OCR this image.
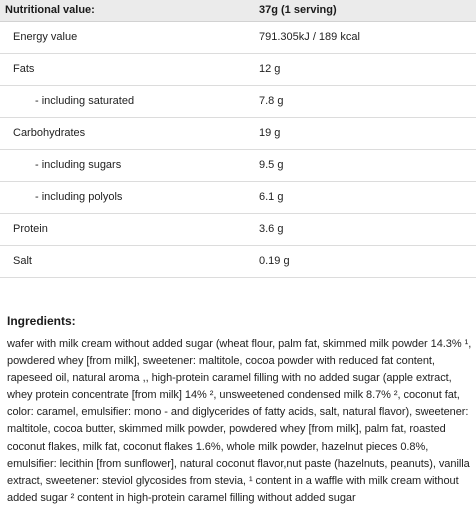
Nutritional value:	37g (1 serving)
Energy value	791.305kJ / 189 kcal
Fats	12 g
- including saturated	7.8 g
Carbohydrates	19 g
- including sugars	9.5 g
- including polyols	6.1 g
Protein	3.6 g
Salt	0.19 g
Ingredients:

wafer with milk cream without added sugar (wheat flour, palm fat, skimmed milk powder 14.3% ¹, powdered whey [from milk], sweetener: maltitole, cocoa powder with reduced fat content, rapeseed oil, natural aroma ,, high-protein caramel filling with no added sugar (apple extract, whey protein concentrate [from milk] 14% ², unsweetened condensed milk 8.7% ², coconut fat, color: caramel, emulsifier: mono - and diglycerides of fatty acids, salt, natural flavor), sweetener: maltitole, cocoa butter, skimmed milk powder, powdered whey [from milk], palm fat, roasted coconut flakes, milk fat, coconut flakes 1.6%, whole milk powder, hazelnut pieces 0.8%, emulsifier: lecithin [from sunflower], natural coconut flavor,nut paste (hazelnuts, peanuts), vanilla extract, sweetener: steviol glycosides from stevia, ¹ content in a waffle with milk cream without added sugar ² content in high-protein caramel filling without added sugar
